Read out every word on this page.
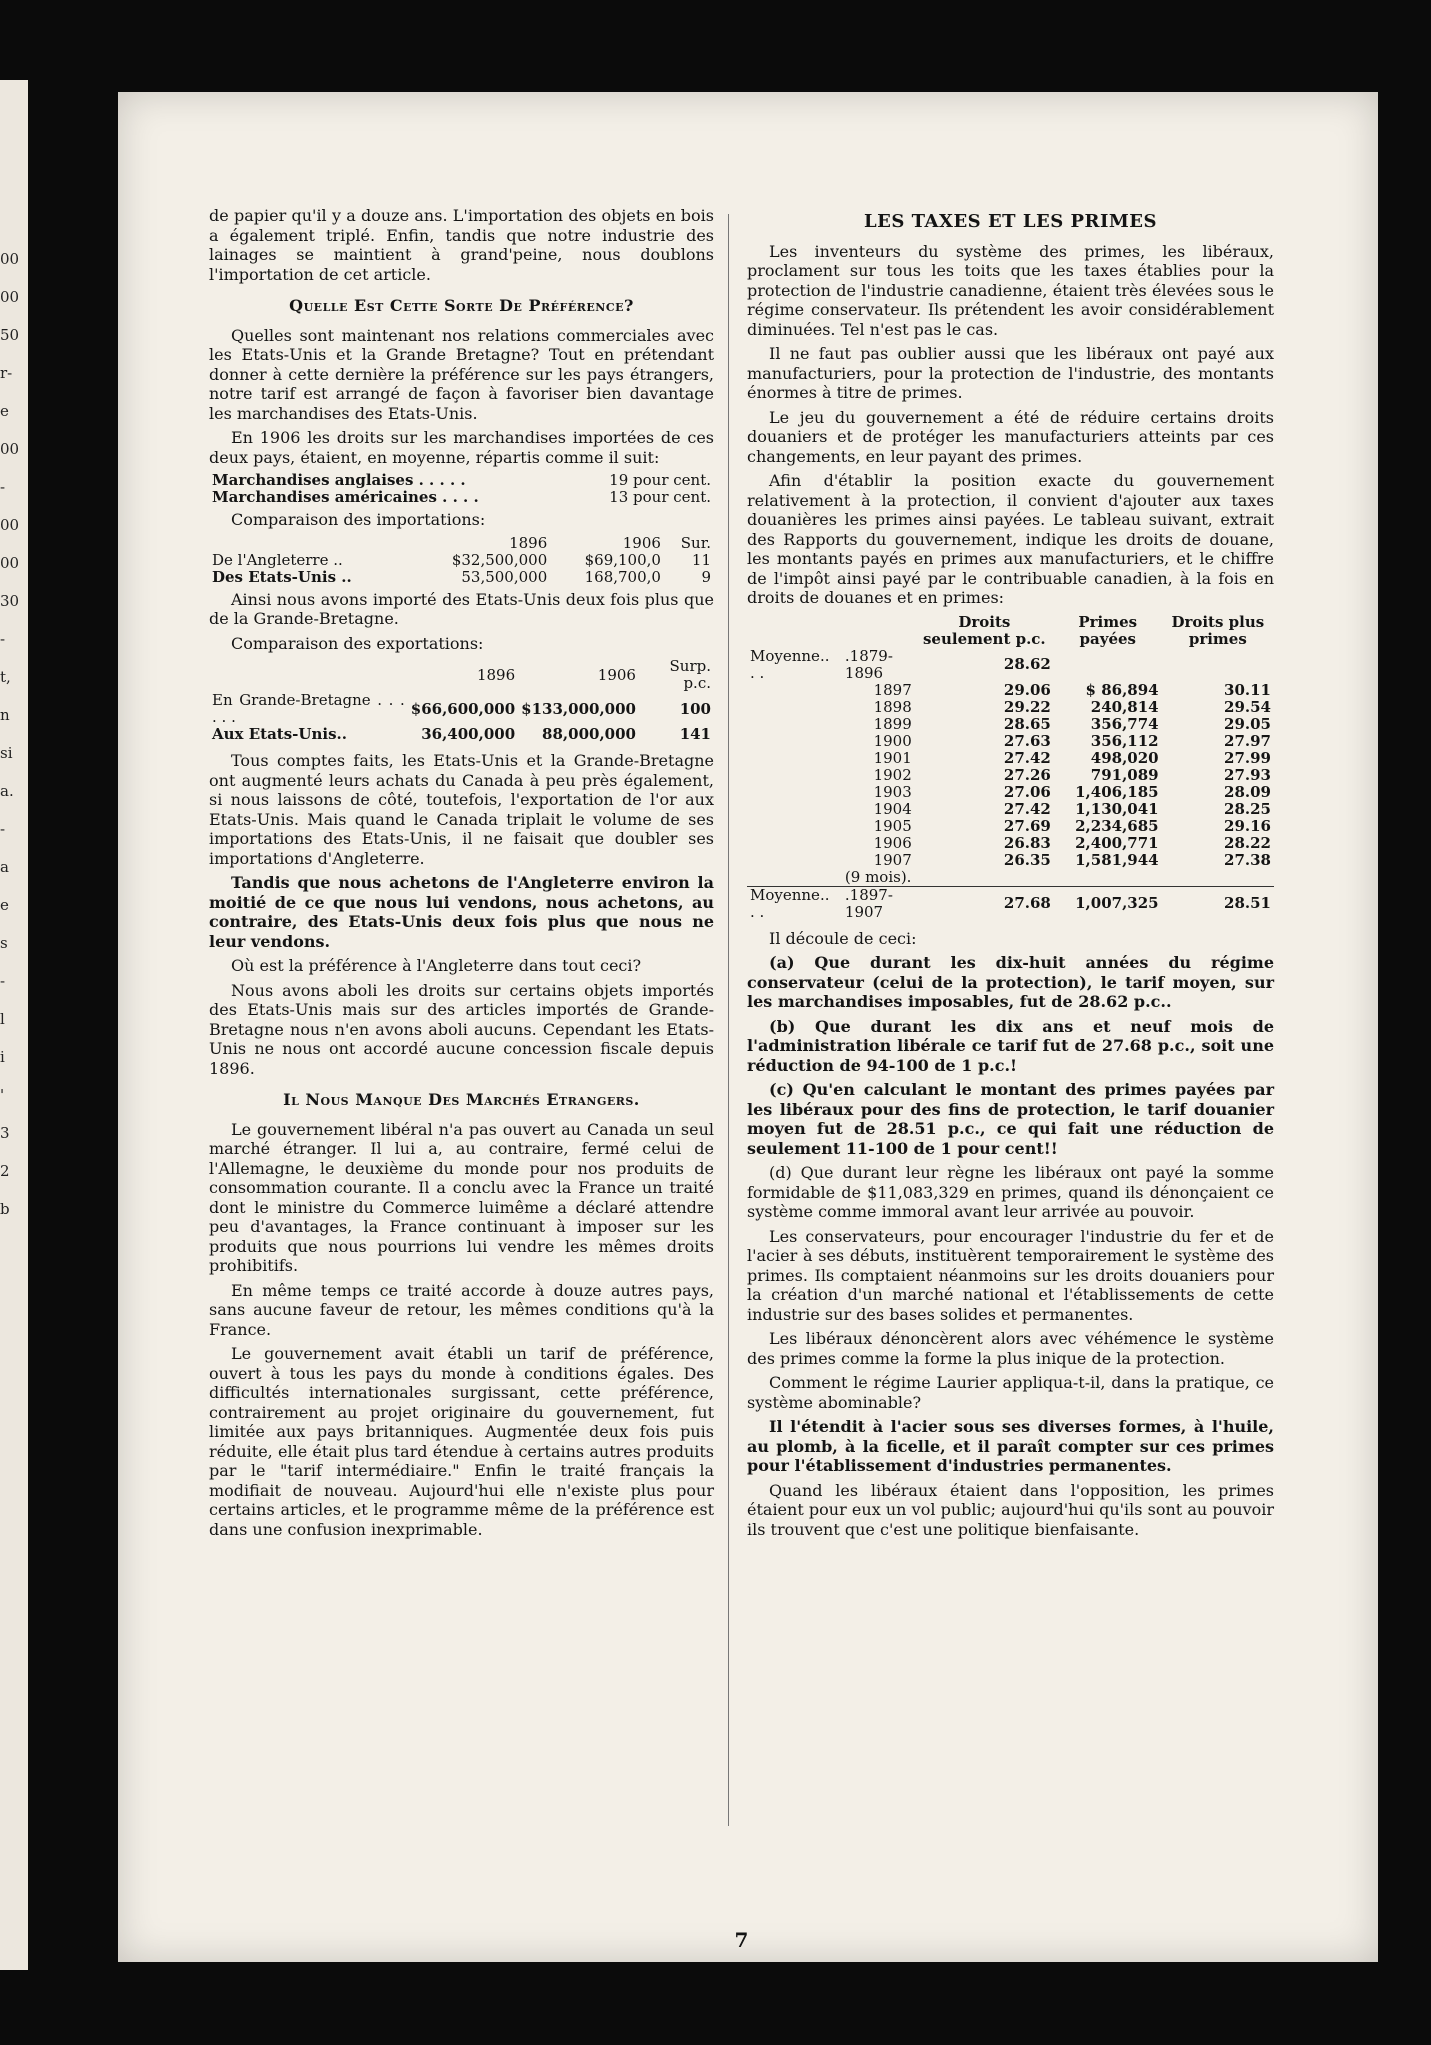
00
00
50
r-
e
00
-
00
00
30
-
t,
n
si
a.
-
a
e
s
-
l
i
'
3
2
b

de papier qu'il y a douze ans. L'importation des objets en bois a également triplé. Enfin, tandis que notre industrie des lainages se maintient à grand'peine, nous doublons l'importation de cet article.

Quelle Est Cette Sorte De Préférence?

Quelles sont maintenant nos relations commerciales avec les Etats-Unis et la Grande Bretagne? Tout en prétendant donner à cette dernière la préférence sur les pays étrangers, notre tarif est arrangé de façon à favoriser bien davantage les marchandises des Etats-Unis.

En 1906 les droits sur les marchandises importées de ces deux pays, étaient, en moyenne, répartis comme il suit:

Marchandises anglaises . . . . .	19 pour cent.
Marchandises américaines . . . .	13 pour cent.

Comparaison des importations:

	1896	1906	Sur.
De l'Angleterre ..	$32,500,000	$69,100,0	11
Des Etats-Unis ..	53,500,000	168,700,0	9

Ainsi nous avons importé des Etats-Unis deux fois plus que de la Grande-Bretagne.

Comparaison des exportations:

	1896	1906	Surp. p.c.
En Grande-Bretagne . . . . . .	$66,600,000	$133,000,000	100
Aux Etats-Unis..	36,400,000	88,000,000	141

Tous comptes faits, les Etats-Unis et la Grande-Bretagne ont augmenté leurs achats du Canada à peu près également, si nous laissons de côté, toutefois, l'exportation de l'or aux Etats-Unis. Mais quand le Canada triplait le volume de ses importations des Etats-Unis, il ne faisait que doubler ses importations d'Angleterre.

Tandis que nous achetons de l'Angleterre environ la moitié de ce que nous lui vendons, nous achetons, au contraire, des Etats-Unis deux fois plus que nous ne leur vendons.

Où est la préférence à l'Angleterre dans tout ceci?

Nous avons aboli les droits sur certains objets importés des Etats-Unis mais sur des articles importés de Grande-Bretagne nous n'en avons aboli aucuns. Cependant les Etats-Unis ne nous ont accordé aucune concession fiscale depuis 1896.

Il Nous Manque Des Marchés Etrangers.

Le gouvernement libéral n'a pas ouvert au Canada un seul marché étranger. Il lui a, au contraire, fermé celui de l'Allemagne, le deuxième du monde pour nos produits de consommation courante. Il a conclu avec la France un traité dont le ministre du Commerce luimême a déclaré attendre peu d'avantages, la France continuant à imposer sur les produits que nous pourrions lui vendre les mêmes droits prohibitifs.

En même temps ce traité accorde à douze autres pays, sans aucune faveur de retour, les mêmes conditions qu'à la France.

Le gouvernement avait établi un tarif de préférence, ouvert à tous les pays du monde à conditions égales. Des difficultés internationales surgissant, cette préférence, contrairement au projet originaire du gouvernement, fut limitée aux pays britanniques. Augmentée deux fois puis réduite, elle était plus tard étendue à certains autres produits par le "tarif intermédiaire." Enfin le traité français la modifiait de nouveau. Aujourd'hui elle n'existe plus pour certains articles, et le programme même de la préférence est dans une confusion inexprimable.

LES TAXES ET LES PRIMES

Les inventeurs du système des primes, les libéraux, proclament sur tous les toits que les taxes établies pour la protection de l'industrie canadienne, étaient très élevées sous le régime conservateur. Ils prétendent les avoir considérablement diminuées. Tel n'est pas le cas.

Il ne faut pas oublier aussi que les libéraux ont payé aux manufacturiers, pour la protection de l'industrie, des montants énormes à titre de primes.

Le jeu du gouvernement a été de réduire certains droits douaniers et de protéger les manufacturiers atteints par ces changements, en leur payant des primes.

Afin d'établir la position exacte du gouvernement relativement à la protection, il convient d'ajouter aux taxes douanières les primes ainsi payées. Le tableau suivant, extrait des Rapports du gouvernement, indique les droits de douane, les montants payés en primes aux manufacturiers, et le chiffre de l'impôt ainsi payé par le contribuable canadien, à la fois en droits de douanes et en primes:

		Droits seulement p.c.	Primes payées	Droits plus primes
Moyenne.. . .	.1879-1896	28.62		
	1897	29.06	$ 86,894	30.11
	1898	29.22	240,814	29.54
	1899	28.65	356,774	29.05
	1900	27.63	356,112	27.97
	1901	27.42	498,020	27.99
	1902	27.26	791,089	27.93
	1903	27.06	1,406,185	28.09
	1904	27.42	1,130,041	28.25
	1905	27.69	2,234,685	29.16
	1906	26.83	2,400,771	28.22
	1907	26.35	1,581,944	27.38
	(9 mois).			
Moyenne.. . .	.1897-1907	27.68	1,007,325	28.51

Il découle de ceci:

(a) Que durant les dix-huit années du régime conservateur (celui de la protection), le tarif moyen, sur les marchandises imposables, fut de 28.62 p.c..

(b) Que durant les dix ans et neuf mois de l'administration libérale ce tarif fut de 27.68 p.c., soit une réduction de 94-100 de 1 p.c.!

(c) Qu'en calculant le montant des primes payées par les libéraux pour des fins de protection, le tarif douanier moyen fut de 28.51 p.c., ce qui fait une réduction de seulement 11-100 de 1 pour cent!!

(d) Que durant leur règne les libéraux ont payé la somme formidable de $11,083,329 en primes, quand ils dénonçaient ce système comme immoral avant leur arrivée au pouvoir.

Les conservateurs, pour encourager l'industrie du fer et de l'acier à ses débuts, instituèrent temporairement le système des primes. Ils comptaient néanmoins sur les droits douaniers pour la création d'un marché national et l'établissements de cette industrie sur des bases solides et permanentes.

Les libéraux dénoncèrent alors avec véhémence le système des primes comme la forme la plus inique de la protection.

Comment le régime Laurier appliqua-t-il, dans la pratique, ce système abominable?

Il l'étendit à l'acier sous ses diverses formes, à l'huile, au plomb, à la ficelle, et il paraît compter sur ces primes pour l'établissement d'industries permanentes.

Quand les libéraux étaient dans l'opposition, les primes étaient pour eux un vol public; aujourd'hui qu'ils sont au pouvoir ils trouvent que c'est une politique bienfaisante.

7
